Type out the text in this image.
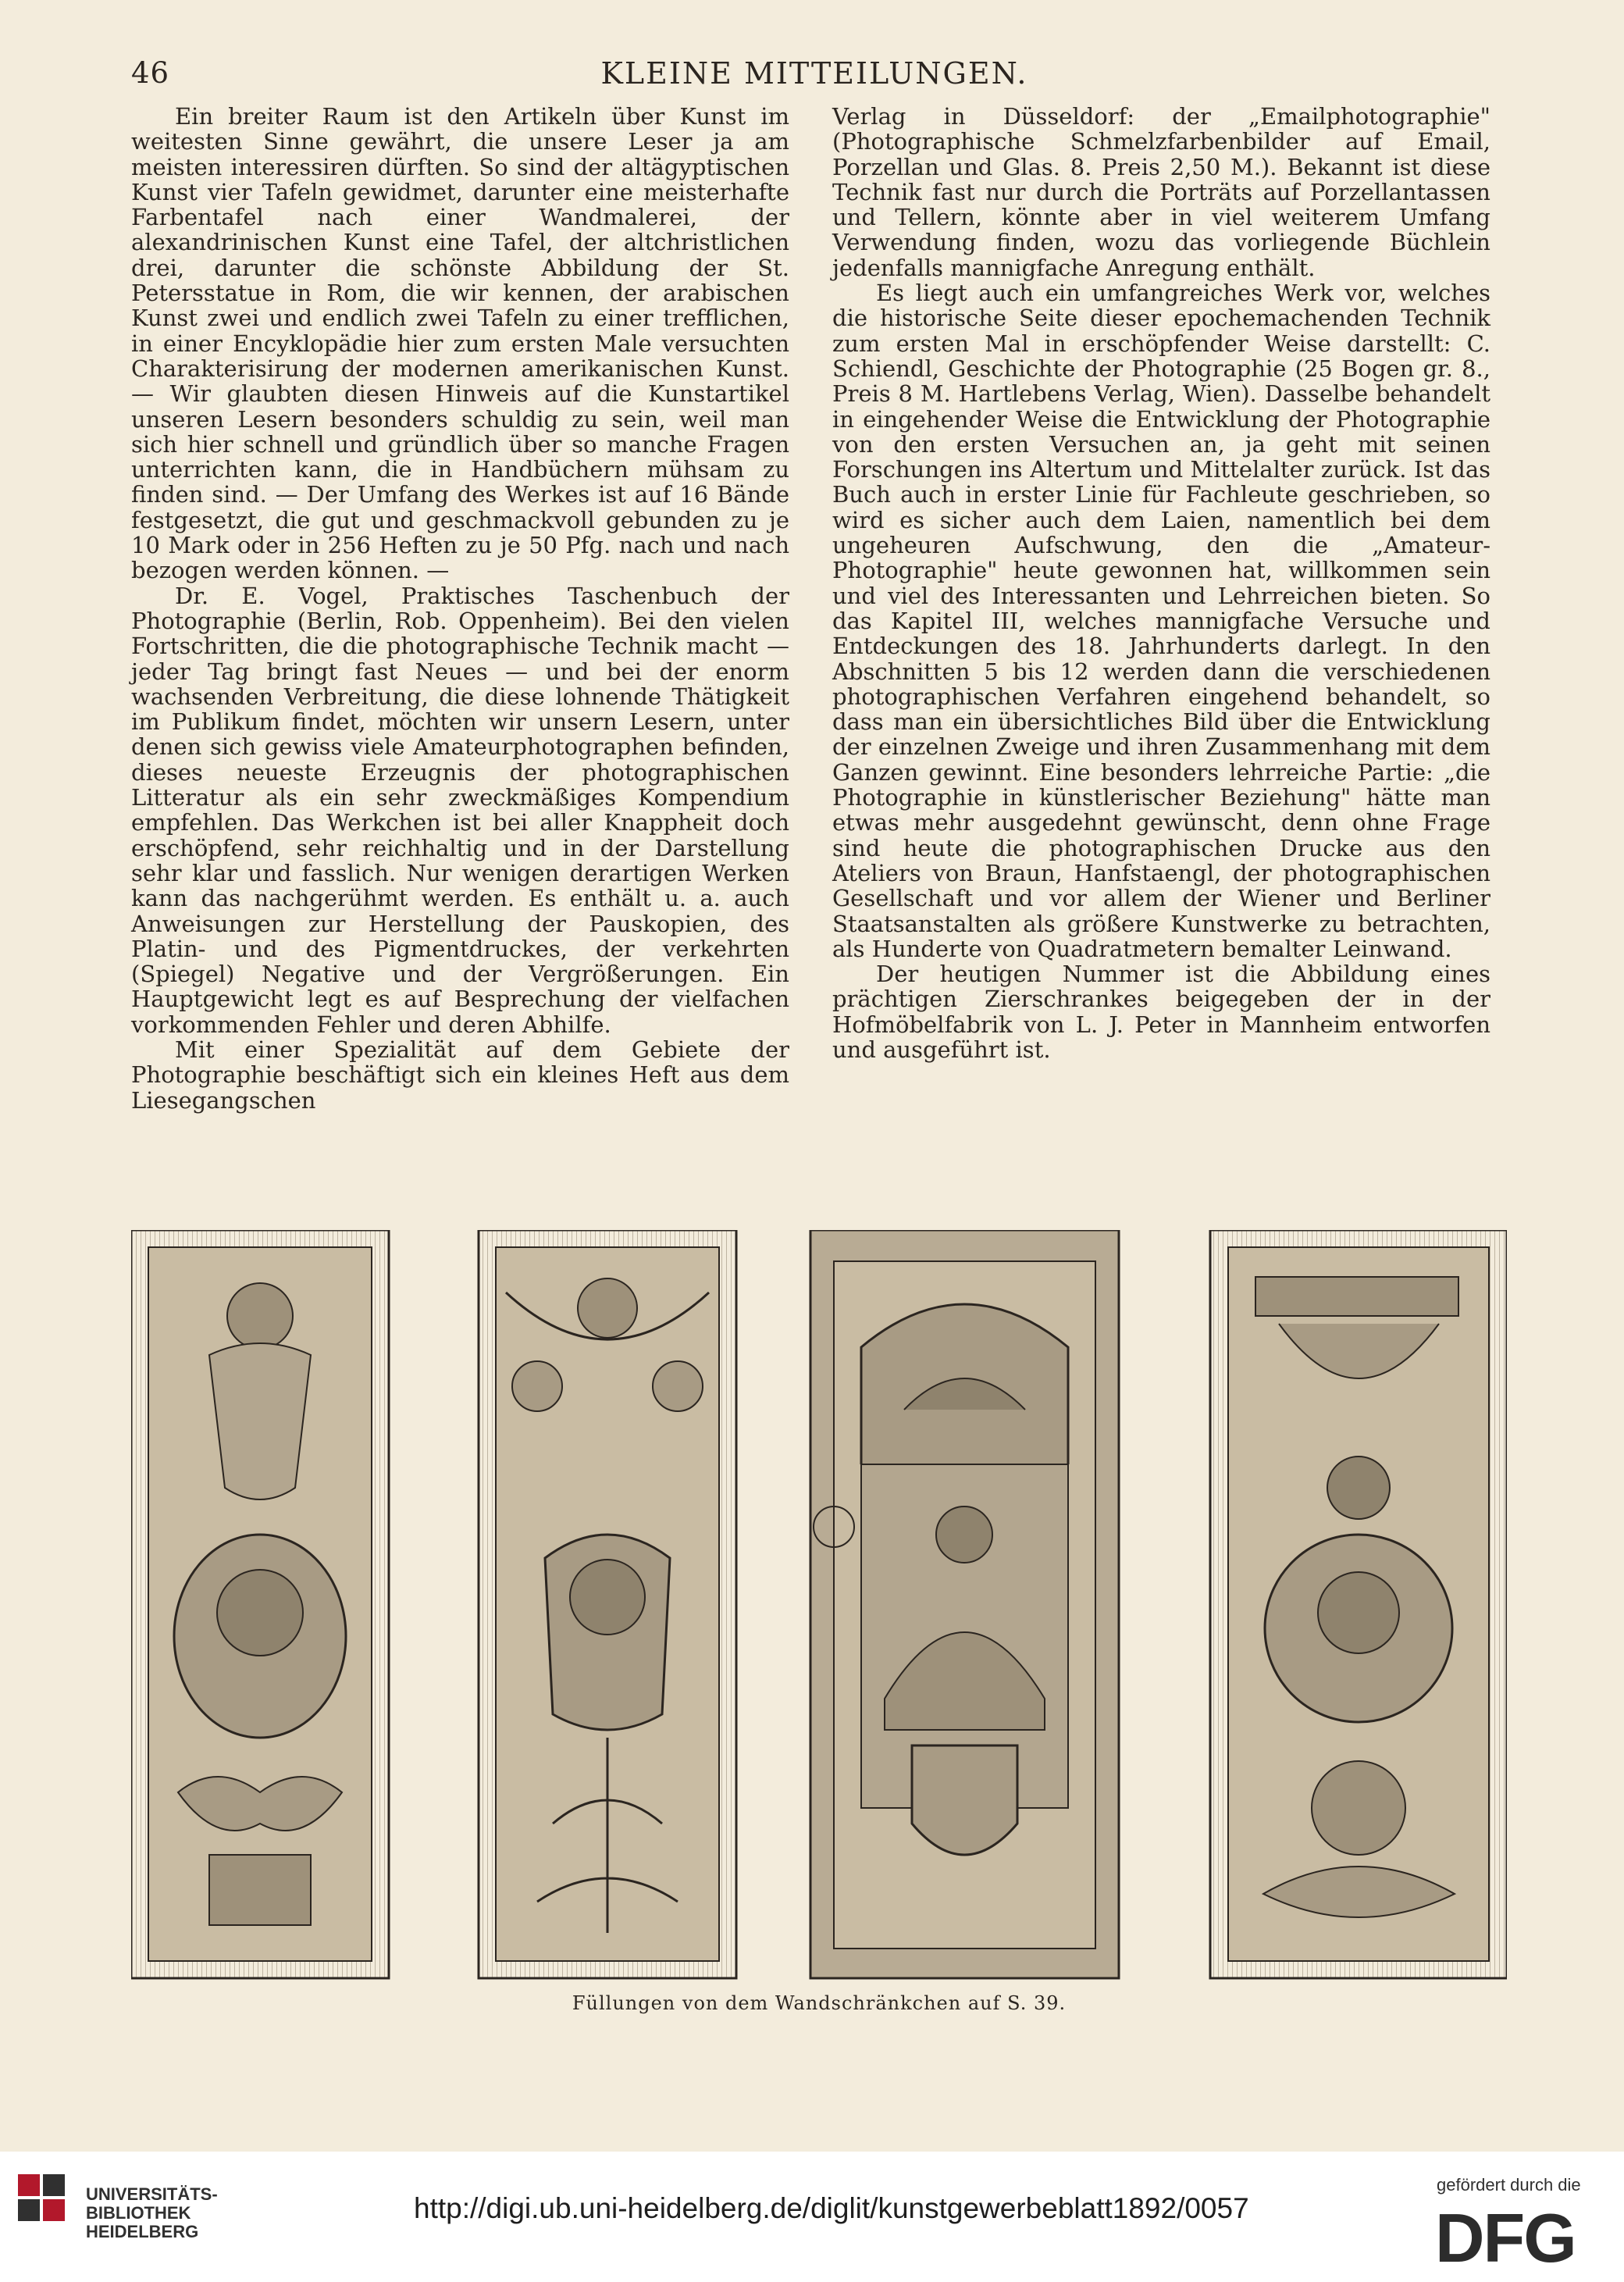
46	KLEINE MITTEILUNGEN.

Ein breiter Raum ist den Artikeln über Kunst im weitesten Sinne gewährt, die unsere Leser ja am meisten interessiren dürften. So sind der altägyptischen Kunst vier Tafeln gewidmet, darunter eine meisterhafte Farbentafel nach einer Wandmalerei, der alexandrinischen Kunst eine Tafel, der altchristlichen drei, darunter die schönste Abbildung der St. Petersstatue in Rom, die wir kennen, der arabischen Kunst zwei und endlich zwei Tafeln zu einer trefflichen, in einer Encyklopädie hier zum ersten Male versuchten Charakterisirung der modernen amerikanischen Kunst. — Wir glaubten diesen Hinweis auf die Kunstartikel unseren Lesern besonders schuldig zu sein, weil man sich hier schnell und gründlich über so manche Fragen unterrichten kann, die in Handbüchern mühsam zu finden sind. — Der Umfang des Werkes ist auf 16 Bände festgesetzt, die gut und geschmackvoll gebunden zu je 10 Mark oder in 256 Heften zu je 50 Pfg. nach und nach bezogen werden können. —

Dr. E. Vogel, Praktisches Taschenbuch der Photographie (Berlin, Rob. Oppenheim). Bei den vielen Fortschritten, die die photographische Technik macht — jeder Tag bringt fast Neues — und bei der enorm wachsenden Verbreitung, die diese lohnende Thätigkeit im Publikum findet, möchten wir unsern Lesern, unter denen sich gewiss viele Amateurphotographen befinden, dieses neueste Erzeugnis der photographischen Litteratur als ein sehr zweckmäßiges Kompendium empfehlen. Das Werkchen ist bei aller Knappheit doch erschöpfend, sehr reichhaltig und in der Darstellung sehr klar und fasslich. Nur wenigen derartigen Werken kann das nachgerühmt werden. Es enthält u. a. auch Anweisungen zur Herstellung der Pauskopien, des Platin- und des Pigmentdruckes, der verkehrten (Spiegel) Negative und der Vergrößerungen. Ein Hauptgewicht legt es auf Besprechung der vielfachen vorkommenden Fehler und deren Abhilfe.

Mit einer Spezialität auf dem Gebiete der Photographie beschäftigt sich ein kleines Heft aus dem Liesegangschen

Verlag in Düsseldorf: der „Emailphotographie" (Photographische Schmelzfarbenbilder auf Email, Porzellan und Glas. 8. Preis 2,50 M.). Bekannt ist diese Technik fast nur durch die Porträts auf Porzellantassen und Tellern, könnte aber in viel weiterem Umfang Verwendung finden, wozu das vorliegende Büchlein jedenfalls mannigfache Anregung enthält.

Es liegt auch ein umfangreiches Werk vor, welches die historische Seite dieser epochemachenden Technik zum ersten Mal in erschöpfender Weise darstellt: C. Schiendl, Geschichte der Photographie (25 Bogen gr. 8., Preis 8 M. Hartlebens Verlag, Wien). Dasselbe behandelt in eingehender Weise die Entwicklung der Photographie von den ersten Versuchen an, ja geht mit seinen Forschungen ins Altertum und Mittelalter zurück. Ist das Buch auch in erster Linie für Fachleute geschrieben, so wird es sicher auch dem Laien, namentlich bei dem ungeheuren Aufschwung, den die „Amateur-Photographie" heute gewonnen hat, willkommen sein und viel des Interessanten und Lehrreichen bieten. So das Kapitel III, welches mannigfache Versuche und Entdeckungen des 18. Jahrhunderts darlegt. In den Abschnitten 5 bis 12 werden dann die verschiedenen photographischen Verfahren eingehend behandelt, so dass man ein übersichtliches Bild über die Entwicklung der einzelnen Zweige und ihren Zusammenhang mit dem Ganzen gewinnt. Eine besonders lehrreiche Partie: „die Photographie in künstlerischer Beziehung" hätte man etwas mehr ausgedehnt gewünscht, denn ohne Frage sind heute die photographischen Drucke aus den Ateliers von Braun, Hanfstaengl, der photographischen Gesellschaft und vor allem der Wiener und Berliner Staatsanstalten als größere Kunstwerke zu betrachten, als Hunderte von Quadratmetern bemalter Leinwand.

Der heutigen Nummer ist die Abbildung eines prächtigen Zierschrankes beigegeben der in der Hofmöbelfabrik von L. J. Peter in Mannheim entworfen und ausgeführt ist.

Füllungen von dem Wandschränkchen auf S. 39.
UNIVERSITÄTS-
BIBLIOTHEK
HEIDELBERG
http://digi.ub.uni-heidelberg.de/diglit/kunstgewerbeblatt1892/0057
gefördert durch die
DFG
